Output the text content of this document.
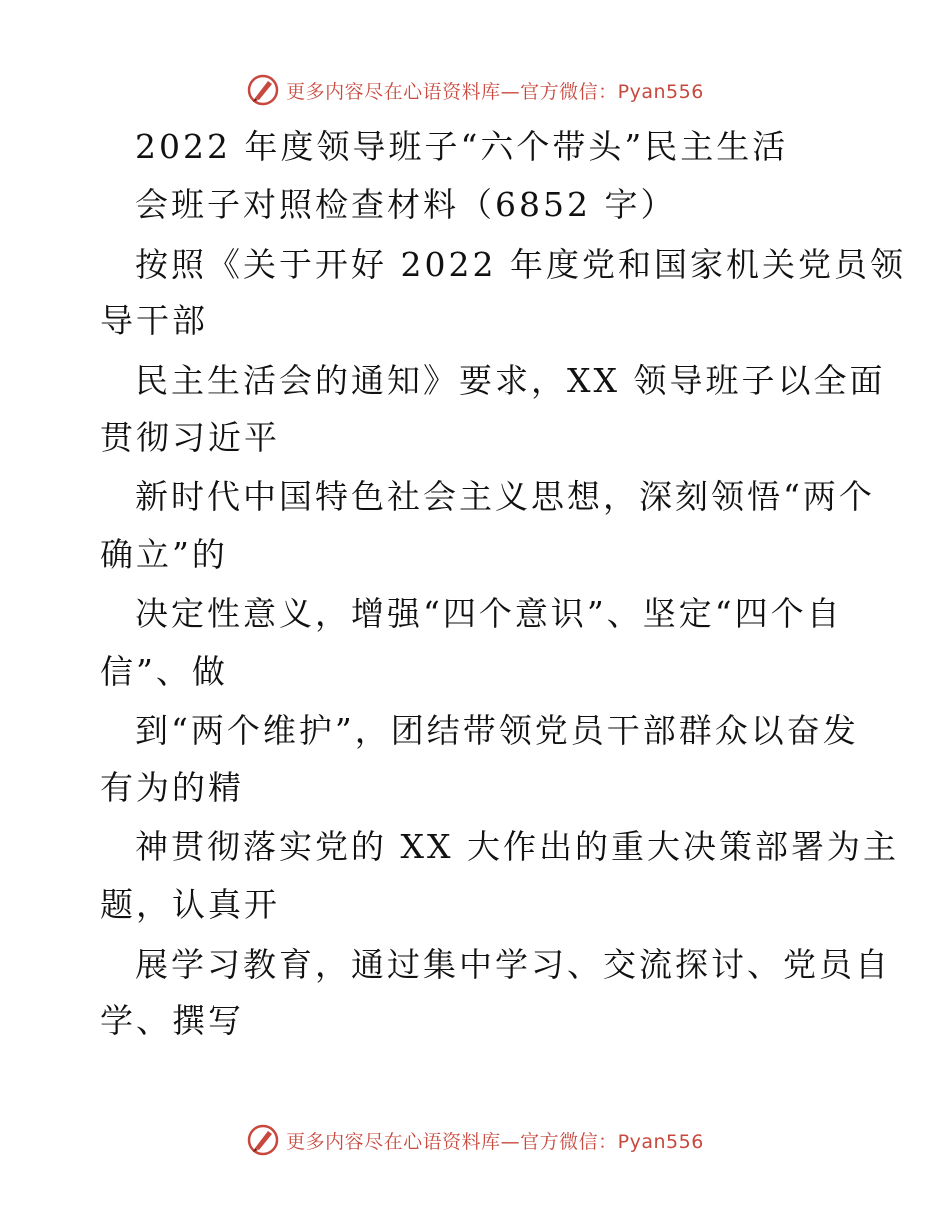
更多内容尽在心语资料库—官方微信：Pyan556
2022 年度领导班子“六个带头”民主生活
会班子对照检查材料（6852 字）
按照《关于开好 2022 年度党和国家机关党员领
导干部
民主生活会的通知》要求，XX 领导班子以全面
贯彻习近平
新时代中国特色社会主义思想，深刻领悟“两个
确立”的
决定性意义，增强“四个意识”、坚定“四个自
信”、做
到“两个维护”，团结带领党员干部群众以奋发
有为的精
神贯彻落实党的 XX 大作出的重大决策部署为主
题，认真开
展学习教育，通过集中学习、交流探讨、党员自
学、撰写
更多内容尽在心语资料库—官方微信：Pyan556
